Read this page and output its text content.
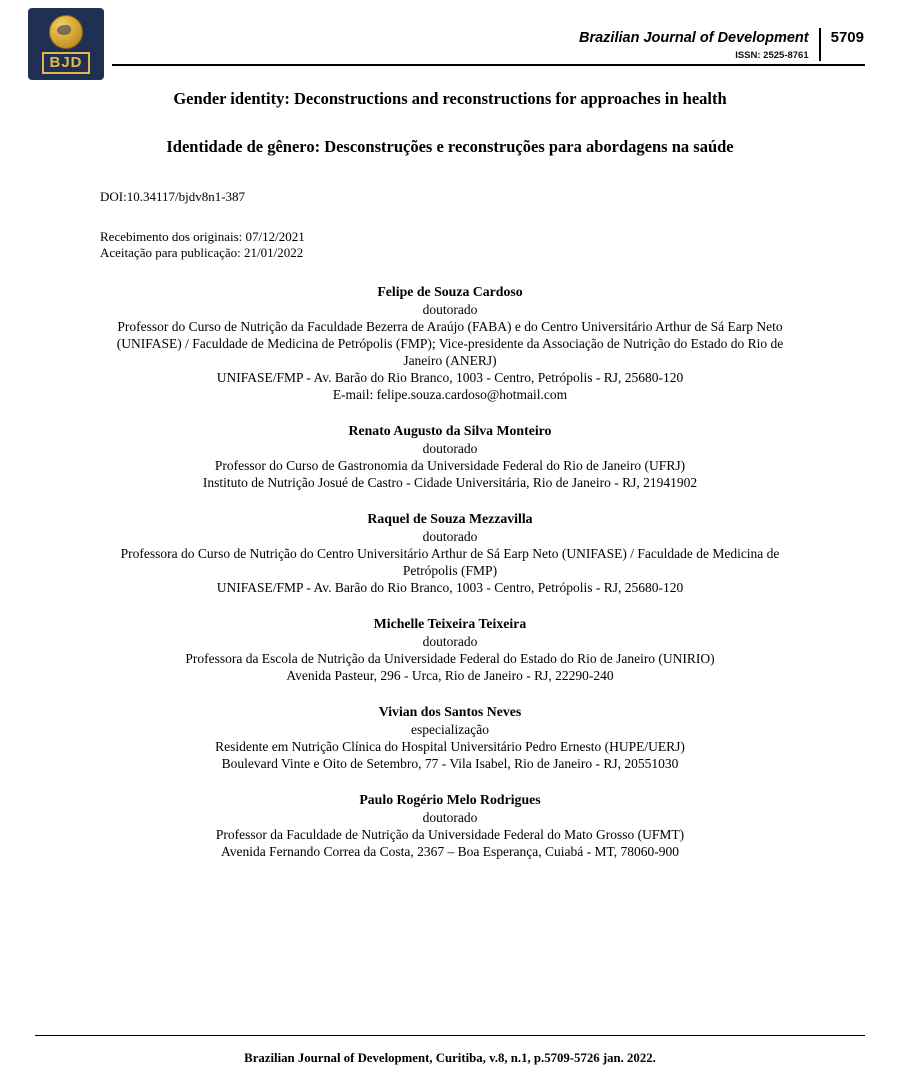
BJD
Brazilian Journal of Development
ISSN: 2525-8761
5709
Gender identity: Deconstructions and reconstructions for approaches in health
Identidade de gênero: Desconstruções e reconstruções para abordagens na saúde
DOI:10.34117/bjdv8n1-387
Recebimento dos originais: 07/12/2021
Aceitação para publicação: 21/01/2022
Felipe de Souza Cardoso
doutorado
Professor do Curso de Nutrição da Faculdade Bezerra de Araújo (FABA) e do Centro Universitário Arthur de Sá Earp Neto (UNIFASE) / Faculdade de Medicina de Petrópolis (FMP); Vice-presidente da Associação de Nutrição do Estado do Rio de Janeiro (ANERJ)
UNIFASE/FMP - Av. Barão do Rio Branco, 1003 - Centro, Petrópolis - RJ, 25680-120
E-mail: felipe.souza.cardoso@hotmail.com
Renato Augusto da Silva Monteiro
doutorado
Professor do Curso de Gastronomia da Universidade Federal do Rio de Janeiro (UFRJ)
Instituto de Nutrição Josué de Castro - Cidade Universitária, Rio de Janeiro - RJ, 21941902
Raquel de Souza Mezzavilla
doutorado
Professora do Curso de Nutrição do Centro Universitário Arthur de Sá Earp Neto (UNIFASE) / Faculdade de Medicina de Petrópolis (FMP)
UNIFASE/FMP - Av. Barão do Rio Branco, 1003 - Centro, Petrópolis - RJ, 25680-120
Michelle Teixeira Teixeira
doutorado
Professora da Escola de Nutrição da Universidade Federal do Estado do Rio de Janeiro (UNIRIO)
Avenida Pasteur, 296 - Urca, Rio de Janeiro - RJ, 22290-240
Vivian dos Santos Neves
especialização
Residente em Nutrição Clínica do Hospital Universitário Pedro Ernesto (HUPE/UERJ)
Boulevard Vinte e Oito de Setembro, 77 - Vila Isabel, Rio de Janeiro - RJ, 20551030
Paulo Rogério Melo Rodrigues
doutorado
Professor da Faculdade de Nutrição da Universidade Federal do Mato Grosso (UFMT)
Avenida Fernando Correa da Costa, 2367 – Boa Esperança, Cuiabá - MT, 78060-900
Brazilian Journal of Development, Curitiba, v.8, n.1, p.5709-5726 jan. 2022.
